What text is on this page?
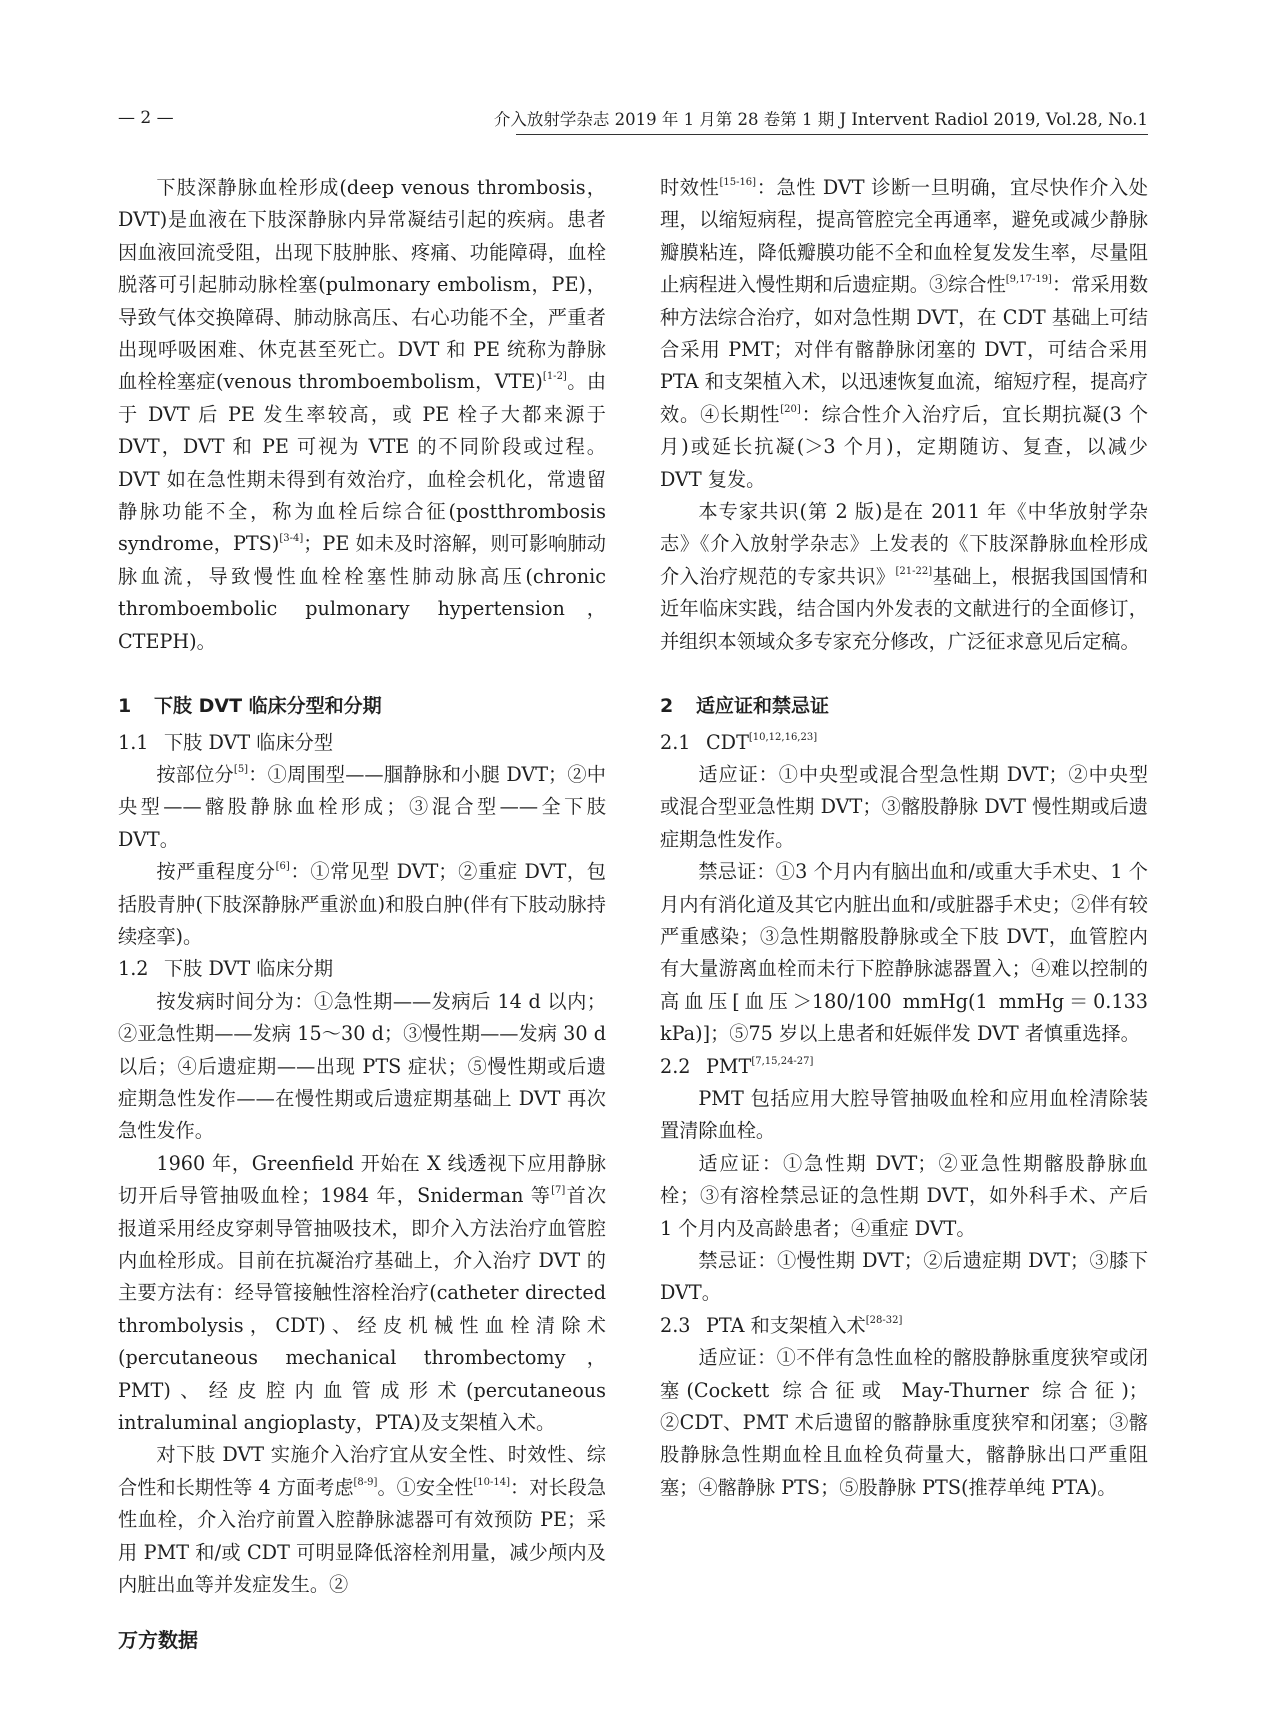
— 2 —	介入放射学杂志 2019 年 1 月第 28 卷第 1 期 J Intervent Radiol 2019, Vol.28, No.1

下肢深静脉血栓形成(deep venous thrombosis，DVT)是血液在下肢深静脉内异常凝结引起的疾病。患者因血液回流受阻，出现下肢肿胀、疼痛、功能障碍，血栓脱落可引起肺动脉栓塞(pulmonary embolism，PE)，导致气体交换障碍、肺动脉高压、右心功能不全，严重者出现呼吸困难、休克甚至死亡。DVT 和 PE 统称为静脉血栓栓塞症(venous thromboembolism，VTE)[1-2]。由于 DVT 后 PE 发生率较高，或 PE 栓子大都来源于 DVT，DVT 和 PE 可视为 VTE 的不同阶段或过程。DVT 如在急性期未得到有效治疗，血栓会机化，常遗留静脉功能不全，称为血栓后综合征(postthrombosis syndrome，PTS)[3-4]；PE 如未及时溶解，则可影响肺动脉血流，导致慢性血栓栓塞性肺动脉高压(chronic thromboembolic pulmonary hypertension，CTEPH)。

1 下肢 DVT 临床分型和分期

1.1 下肢 DVT 临床分型

按部位分[5]：①周围型——腘静脉和小腿 DVT；②中央型——髂股静脉血栓形成；③混合型——全下肢 DVT。

按严重程度分[6]：①常见型 DVT；②重症 DVT，包括股青肿(下肢深静脉严重淤血)和股白肿(伴有下肢动脉持续痉挛)。

1.2 下肢 DVT 临床分期

按发病时间分为：①急性期——发病后 14 d 以内；②亚急性期——发病 15～30 d；③慢性期——发病 30 d 以后；④后遗症期——出现 PTS 症状；⑤慢性期或后遗症期急性发作——在慢性期或后遗症期基础上 DVT 再次急性发作。

1960 年，Greenfield 开始在 X 线透视下应用静脉切开后导管抽吸血栓；1984 年，Sniderman 等[7]首次报道采用经皮穿刺导管抽吸技术，即介入方法治疗血管腔内血栓形成。目前在抗凝治疗基础上，介入治疗 DVT 的主要方法有：经导管接触性溶栓治疗(catheter directed thrombolysis，CDT)、经皮机械性血栓清除术(percutaneous mechanical thrombectomy，PMT)、经皮腔内血管成形术(percutaneous intraluminal angioplasty，PTA)及支架植入术。

对下肢 DVT 实施介入治疗宜从安全性、时效性、综合性和长期性等 4 方面考虑[8-9]。①安全性[10-14]：对长段急性血栓，介入治疗前置入腔静脉滤器可有效预防 PE；采用 PMT 和/或 CDT 可明显降低溶栓剂用量，减少颅内及内脏出血等并发症发生。②

时效性[15-16]：急性 DVT 诊断一旦明确，宜尽快作介入处理，以缩短病程，提高管腔完全再通率，避免或减少静脉瓣膜粘连，降低瓣膜功能不全和血栓复发发生率，尽量阻止病程进入慢性期和后遗症期。③综合性[9,17-19]：常采用数种方法综合治疗，如对急性期 DVT，在 CDT 基础上可结合采用 PMT；对伴有髂静脉闭塞的 DVT，可结合采用 PTA 和支架植入术，以迅速恢复血流，缩短疗程，提高疗效。④长期性[20]：综合性介入治疗后，宜长期抗凝(3 个月)或延长抗凝(＞3 个月)，定期随访、复查，以减少 DVT 复发。

本专家共识(第 2 版)是在 2011 年《中华放射学杂志》《介入放射学杂志》上发表的《下肢深静脉血栓形成介入治疗规范的专家共识》[21-22]基础上，根据我国国情和近年临床实践，结合国内外发表的文献进行的全面修订，并组织本领域众多专家充分修改，广泛征求意见后定稿。

2 适应证和禁忌证

2.1 CDT[10,12,16,23]

适应证：①中央型或混合型急性期 DVT；②中央型或混合型亚急性期 DVT；③髂股静脉 DVT 慢性期或后遗症期急性发作。

禁忌证：①3 个月内有脑出血和/或重大手术史、1 个月内有消化道及其它内脏出血和/或脏器手术史；②伴有较严重感染；③急性期髂股静脉或全下肢 DVT，血管腔内有大量游离血栓而未行下腔静脉滤器置入；④难以控制的高血压[血压＞180/100 mmHg(1 mmHg＝0.133 kPa)]；⑤75 岁以上患者和妊娠伴发 DVT 者慎重选择。

2.2 PMT[7,15,24-27]

PMT 包括应用大腔导管抽吸血栓和应用血栓清除装置清除血栓。

适应证：①急性期 DVT；②亚急性期髂股静脉血栓；③有溶栓禁忌证的急性期 DVT，如外科手术、产后 1 个月内及高龄患者；④重症 DVT。

禁忌证：①慢性期 DVT；②后遗症期 DVT；③膝下 DVT。

2.3 PTA 和支架植入术[28-32]

适应证：①不伴有急性血栓的髂股静脉重度狭窄或闭塞(Cockett 综合征或 May-Thurner 综合征)；②CDT、PMT 术后遗留的髂静脉重度狭窄和闭塞；③髂股静脉急性期血栓且血栓负荷量大，髂静脉出口严重阻塞；④髂静脉 PTS；⑤股静脉 PTS(推荐单纯 PTA)。

万方数据
